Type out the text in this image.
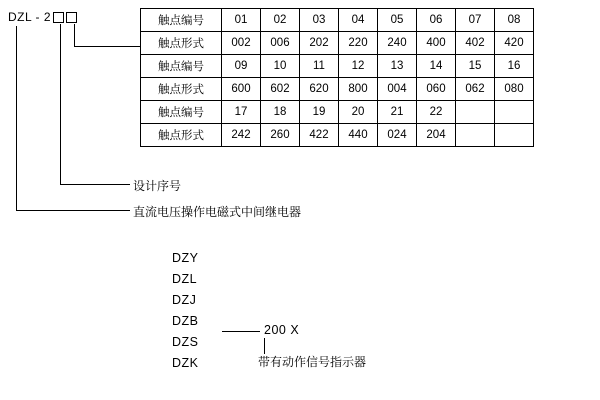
DZL - 2	触点编号	01	02	03	04	05	06	07	08
触点形式	002	006	202	220	240	400	402	420
触点编号	09	10	11	12	13	14	15	16
触点形式	600	602	620	800	004	060	062	080
触点编号	17	18	19	20	21	22		
触点形式	242	260	422	440	024	204		
设计序号
直流电压操作电磁式中间继电器
DZY
DZL
DZJ
DZB
DZS
DZK
200 X
带有动作信号指示器
